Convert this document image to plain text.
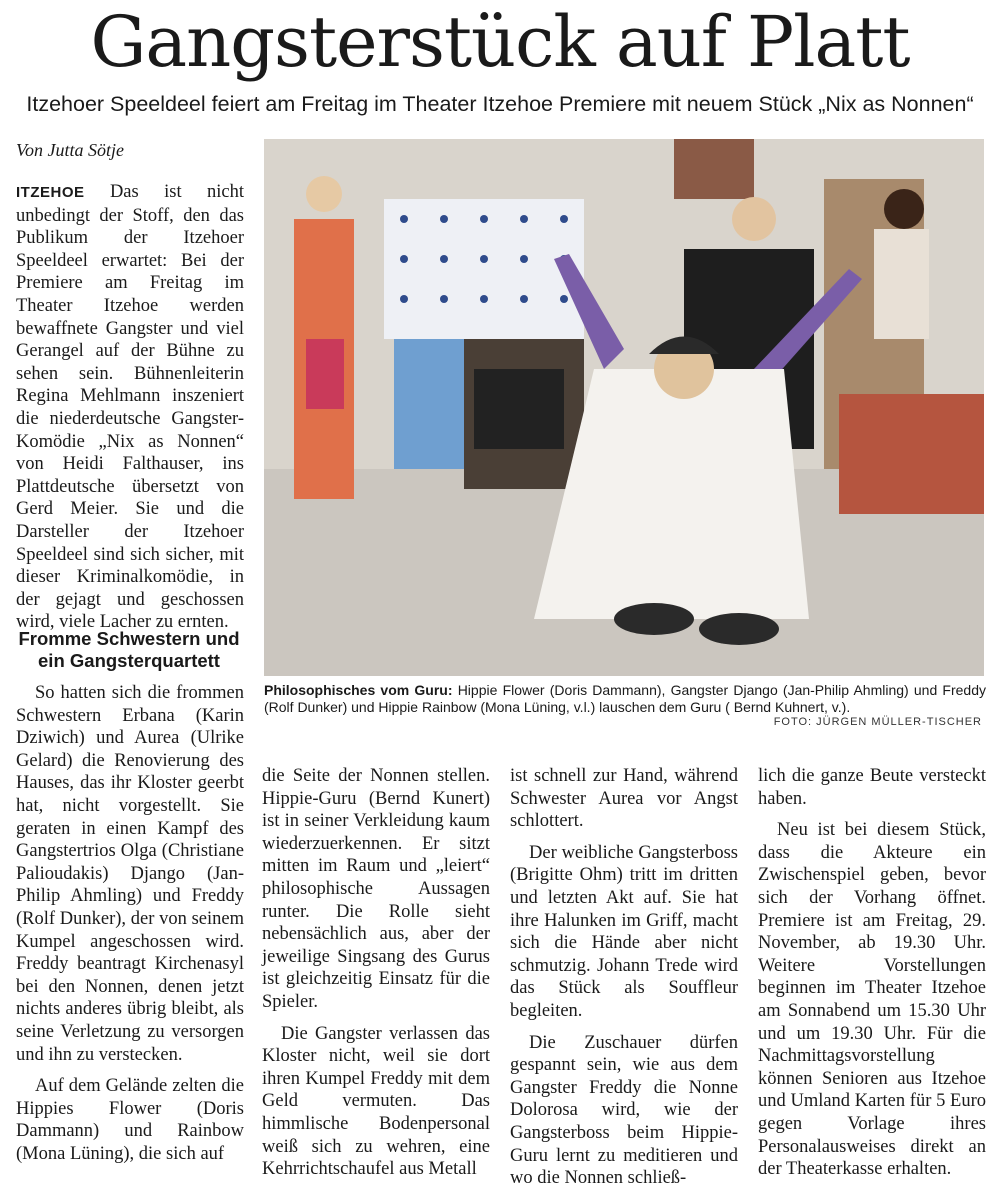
Gangsterstück auf Platt
Itzehoer Speeldeel feiert am Freitag im Theater Itzehoe Premiere mit neuem Stück „Nix as Nonnen“
Von Jutta Sötje

ITZEHOE Das ist nicht unbedingt der Stoff, den das Publikum der Itzehoer Speeldeel erwartet: Bei der Premiere am Freitag im Theater Itzehoe werden bewaffnete Gangster und viel Gerangel auf der Bühne zu sehen sein. Bühnenleiterin Regina Mehlmann inszeniert die niederdeutsche Gangster-Komödie „Nix as Nonnen“ von Heidi Falthauser, ins Plattdeutsche übersetzt von Gerd Meier. Sie und die Darsteller der Itzehoer Speeldeel sind sich sicher, mit dieser Kriminalkomödie, in der gejagt und geschossen wird, viele Lacher zu ernten.

Fromme Schwestern und ein Gangsterquartett

So hatten sich die frommen Schwestern Erbana (Karin Dziwich) und Aurea (Ulrike Gelard) die Renovierung des Hauses, das ihr Kloster geerbt hat, nicht vorgestellt. Sie geraten in einen Kampf des Gangstertrios Olga (Christiane Palioudakis) Django (Jan-Philip Ahmling) und Freddy (Rolf Dunker), der von seinem Kumpel angeschossen wird. Freddy beantragt Kirchenasyl bei den Nonnen, denen jetzt nichts anderes übrig bleibt, als seine Verletzung zu versorgen und ihn zu verstecken.

Auf dem Gelände zelten die Hippies Flower (Doris Dammann) und Rainbow (Mona Lüning), die sich auf

Philosophisches vom Guru: Hippie Flower (Doris Dammann), Gangster Django (Jan-Philip Ahmling) und Freddy (Rolf Dunker) und Hippie Rainbow (Mona Lüning, v.l.) lauschen dem Guru ( Bernd Kuhnert, v.).
FOTO: JÜRGEN MÜLLER-TISCHER

die Seite der Nonnen stellen. Hippie-Guru (Bernd Kunert) ist in seiner Verkleidung kaum wiederzuerkennen. Er sitzt mitten im Raum und „leiert“ philosophische Aussagen runter. Die Rolle sieht nebensächlich aus, aber der jeweilige Singsang des Gurus ist gleichzeitig Einsatz für die Spieler.

Die Gangster verlassen das Kloster nicht, weil sie dort ihren Kumpel Freddy mit dem Geld vermuten. Das himmlische Bodenpersonal weiß sich zu wehren, eine Kehrrichtschaufel aus Metall

ist schnell zur Hand, während Schwester Aurea vor Angst schlottert.

Der weibliche Gangsterboss (Brigitte Ohm) tritt im dritten und letzten Akt auf. Sie hat ihre Halunken im Griff, macht sich die Hände aber nicht schmutzig. Johann Trede wird das Stück als Souffleur begleiten.

Die Zuschauer dürfen gespannt sein, wie aus dem Gangster Freddy die Nonne Dolorosa wird, wie der Gangsterboss beim Hippie-Guru lernt zu meditieren und wo die Nonnen schließ-

lich die ganze Beute versteckt haben.

Neu ist bei diesem Stück, dass die Akteure ein Zwischenspiel geben, bevor sich der Vorhang öffnet. Premiere ist am Freitag, 29. November, ab 19.30 Uhr. Weitere Vorstellungen beginnen im Theater Itzehoe am Sonnabend um 15.30 Uhr und um 19.30 Uhr. Für die Nachmittagsvorstellung können Senioren aus Itzehoe und Umland Karten für 5 Euro gegen Vorlage ihres Personalausweises direkt an der Theaterkasse erhalten.
